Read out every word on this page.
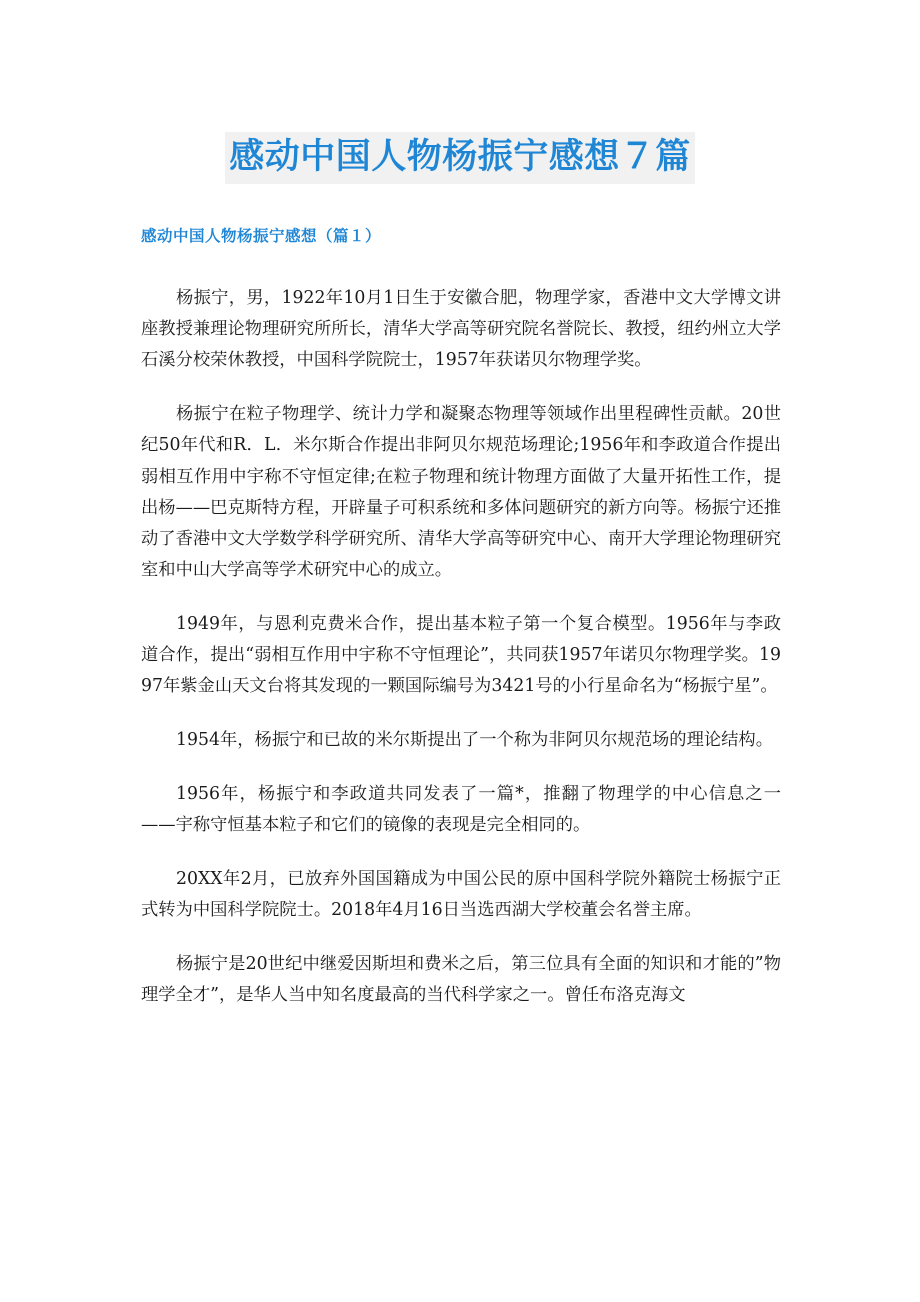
感动中国人物杨振宁感想７篇
感动中国人物杨振宁感想（篇１）

杨振宁，男，1922年10月1日生于安徽合肥，物理学家，香港中文大学博文讲座教授兼理论物理研究所所长，清华大学高等研究院名誉院长、教授，纽约州立大学石溪分校荣休教授，中国科学院院士，1957年获诺贝尔物理学奖。

杨振宁在粒子物理学、统计力学和凝聚态物理等领域作出里程碑性贡献。20世纪50年代和R．L．米尔斯合作提出非阿贝尔规范场理论;1956年和李政道合作提出弱相互作用中宇称不守恒定律;在粒子物理和统计物理方面做了大量开拓性工作，提出杨——巴克斯特方程，开辟量子可积系统和多体问题研究的新方向等。杨振宁还推动了香港中文大学数学科学研究所、清华大学高等研究中心、南开大学理论物理研究室和中山大学高等学术研究中心的成立。

1949年，与恩利克费米合作，提出基本粒子第一个复合模型。1956年与李政道合作，提出“弱相互作用中宇称不守恒理论”，共同获1957年诺贝尔物理学奖。1997年紫金山天文台将其发现的一颗国际编号为3421号的小行星命名为“杨振宁星”。

1954年，杨振宁和已故的米尔斯提出了一个称为非阿贝尔规范场的理论结构。

1956年，杨振宁和李政道共同发表了一篇*，推翻了物理学的中心信息之一——宇称守恒基本粒子和它们的镜像的表现是完全相同的。

20XX年2月，已放弃外国国籍成为中国公民的原中国科学院外籍院士杨振宁正式转为中国科学院院士。2018年4月16日当选西湖大学校董会名誉主席。

杨振宁是20世纪中继爱因斯坦和费米之后，第三位具有全面的知识和才能的”物理学全才”，是华人当中知名度最高的当代科学家之一。曾任布洛克海文
